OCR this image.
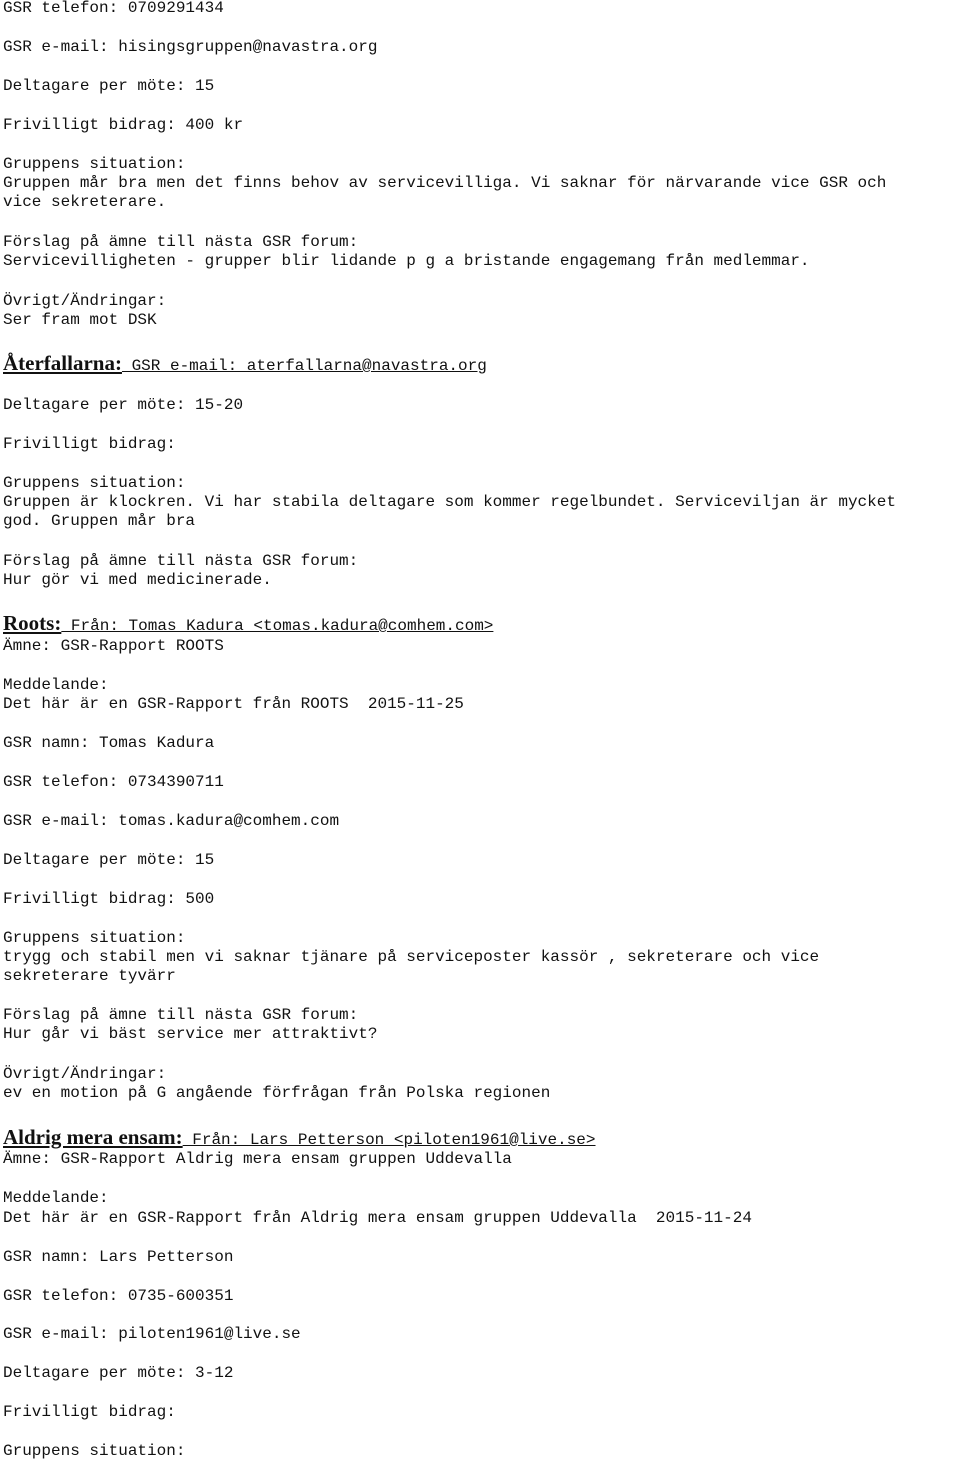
GSR telefon: 0709291434
GSR e-mail: hisingsgruppen@navastra.org
Deltagare per möte: 15
Frivilligt bidrag: 400 kr
Gruppens situation:
Gruppen mår bra men det finns behov av servicevilliga. Vi saknar för närvarande vice GSR och
vice sekreterare.
Förslag på ämne till nästa GSR forum:
Servicevilligheten - grupper blir lidande p g a bristande engagemang från medlemmar.
Övrigt/Ändringar:
Ser fram mot DSK
Återfallarna: GSR e-mail: aterfallarna@navastra.org
Deltagare per möte: 15-20
Frivilligt bidrag:
Gruppens situation:
Gruppen är klockren. Vi har stabila deltagare som kommer regelbundet. Serviceviljan är mycket
god. Gruppen mår bra
Förslag på ämne till nästa GSR forum:
Hur gör vi med medicinerade.
Roots: Från: Tomas Kadura <tomas.kadura@comhem.com>
Ämne: GSR-Rapport ROOTS
Meddelande:
Det här är en GSR-Rapport från ROOTS  2015-11-25
GSR namn: Tomas Kadura
GSR telefon: 0734390711
GSR e-mail: tomas.kadura@comhem.com
Deltagare per möte: 15
Frivilligt bidrag: 500
Gruppens situation:
trygg och stabil men vi saknar tjänare på serviceposter kassör , sekreterare och vice
sekreterare tyvärr
Förslag på ämne till nästa GSR forum:
Hur går vi bäst service mer attraktivt?
Övrigt/Ändringar:
ev en motion på G angående förfrågan från Polska regionen
Aldrig mera ensam: Från: Lars Petterson <piloten1961@live.se>
Ämne: GSR-Rapport Aldrig mera ensam gruppen Uddevalla
Meddelande:
Det här är en GSR-Rapport från Aldrig mera ensam gruppen Uddevalla  2015-11-24
GSR namn: Lars Petterson
GSR telefon: 0735-600351
GSR e-mail: piloten1961@live.se
Deltagare per möte: 3-12
Frivilligt bidrag:
Gruppens situation:
